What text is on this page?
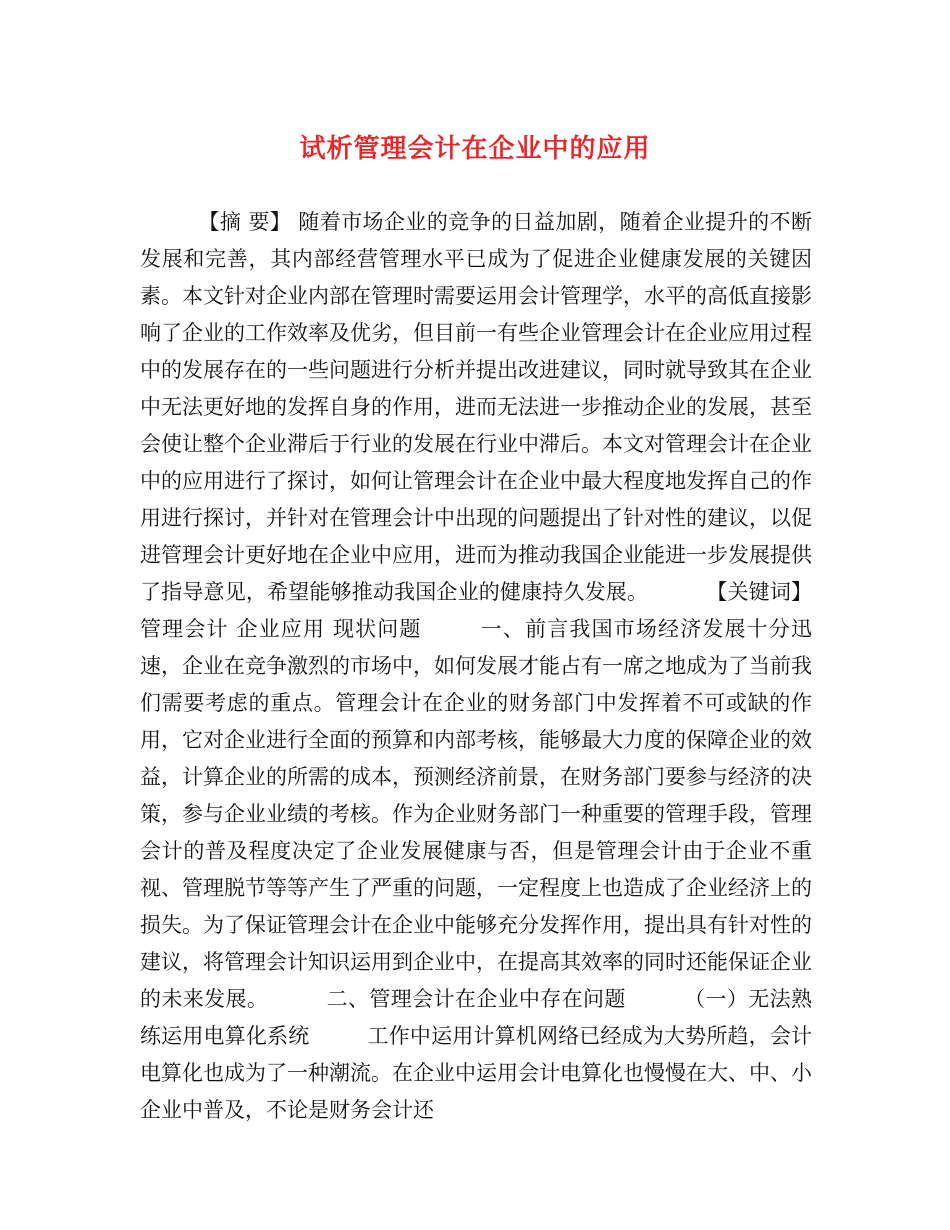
试析管理会计在企业中的应用

【摘 要】 随着市场企业的竞争的日益加剧，随着企业提升的不断发展和完善，其内部经营管理水平已成为了促进企业健康发展的关键因素。本文针对企业内部在管理时需要运用会计管理学，水平的高低直接影响了企业的工作效率及优劣，但目前一有些企业管理会计在企业应用过程中的发展存在的一些问题进行分析并提出改进建议，同时就导致其在企业中无法更好地的发挥自身的作用，进而无法进一步推动企业的发展，甚至会使让整个企业滞后于行业的发展在行业中滞后。本文对管理会计在企业中的应用进行了探讨，如何让管理会计在企业中最大程度地发挥自己的作用进行探讨，并针对在管理会计中出现的问题提出了针对性的建议，以促进管理会计更好地在企业中应用，进而为推动我国企业能进一步发展提供了指导意见，希望能够推动我国企业的健康持久发展。	【关键词】 管理会计 企业应用 现状问题	一、前言我国市场经济发展十分迅速，企业在竞争激烈的市场中，如何发展才能占有一席之地成为了当前我们需要考虑的重点。管理会计在企业的财务部门中发挥着不可或缺的作用，它对企业进行全面的预算和内部考核，能够最大力度的保障企业的效益，计算企业的所需的成本，预测经济前景，在财务部门要参与经济的决策，参与企业业绩的考核。作为企业财务部门一种重要的管理手段，管理会计的普及程度决定了企业发展健康与否，但是管理会计由于企业不重视、管理脱节等等产生了严重的问题，一定程度上也造成了企业经济上的损失。为了保证管理会计在企业中能够充分发挥作用，提出具有针对性的建议，将管理会计知识运用到企业中，在提高其效率的同时还能保证企业的未来发展。	二、管理会计在企业中存在问题	（一）无法熟练运用电算化系统	工作中运用计算机网络已经成为大势所趋，会计电算化也成为了一种潮流。在企业中运用会计电算化也慢慢在大、中、小企业中普及，不论是财务会计还
